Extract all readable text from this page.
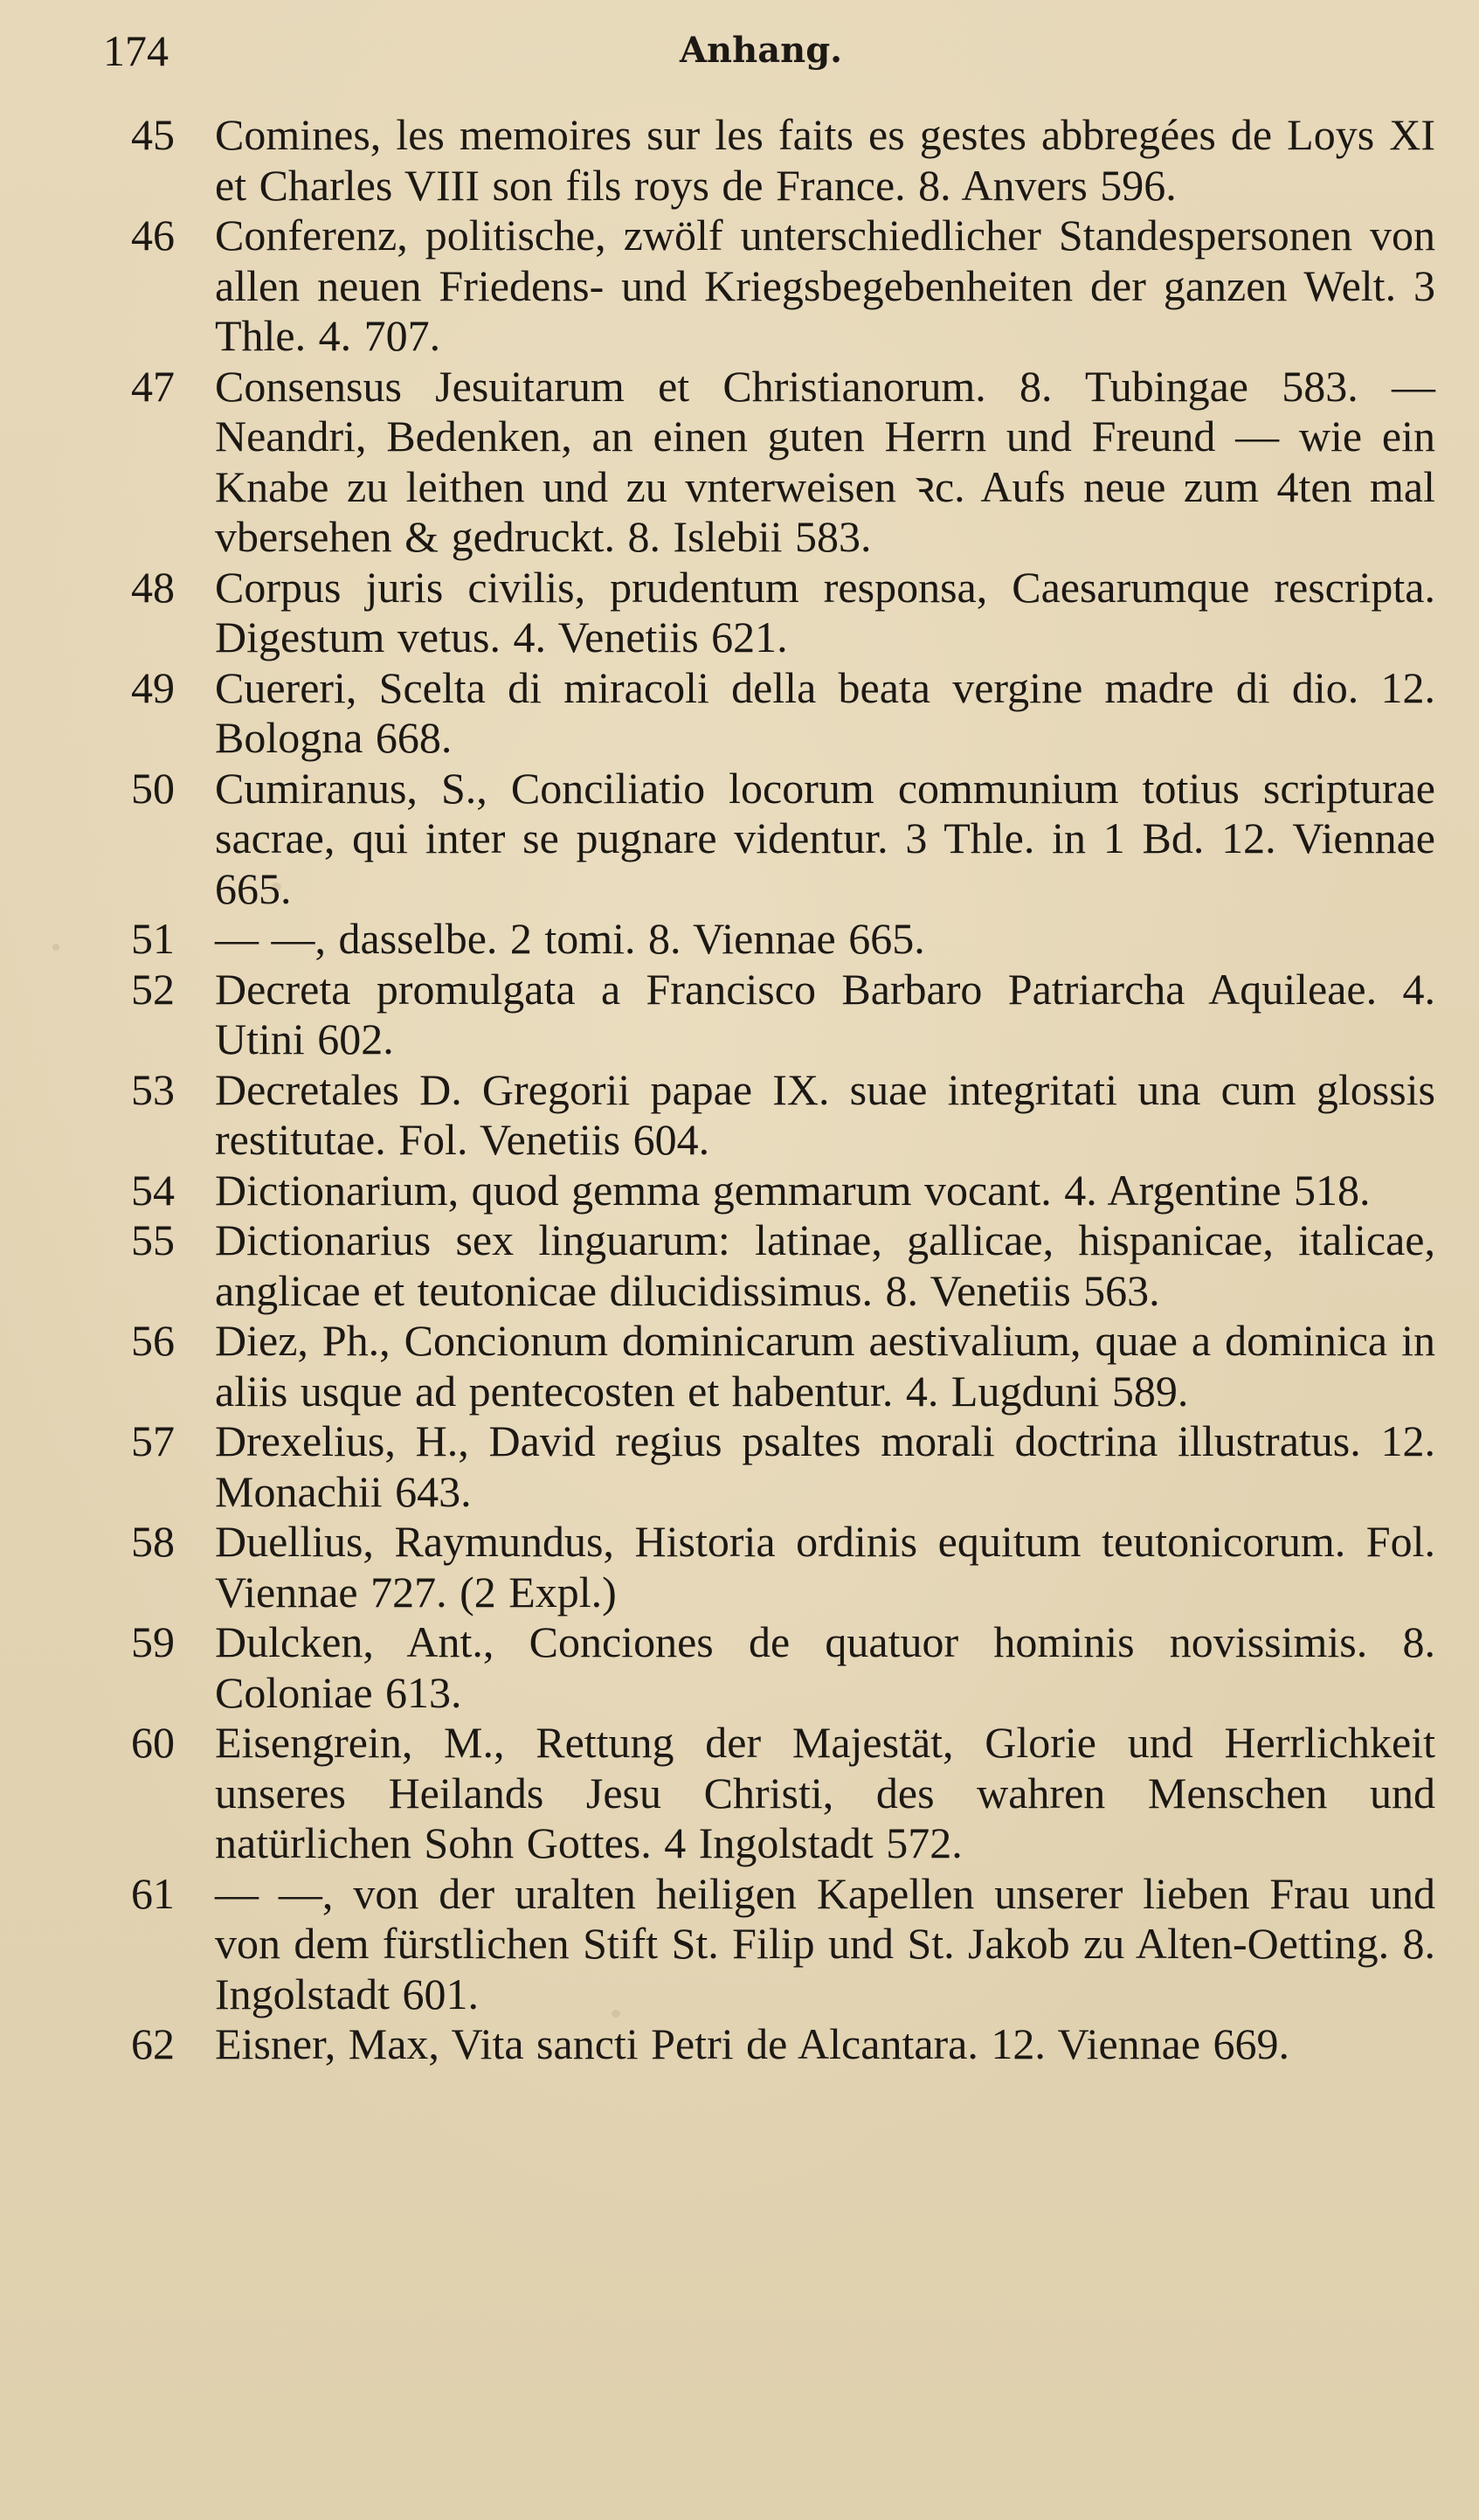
174	Anhang.

45 Comines, les memoires sur les faits es gestes abbregées de Loys XI et Charles VIII son fils roys de France. 8. Anvers 596.

46 Conferenz, politische, zwölf unterschiedlicher Standespersonen von allen neuen Friedens- und Kriegsbegebenheiten der ganzen Welt. 3 Thle. 4. 707.

47 Consensus Jesuitarum et Christianorum. 8. Tubingae 583. — Neandri, Bedenken, an einen guten Herrn und Freund — wie ein Knabe zu leithen und zu vnterweisen ꝛc. Aufs neue zum 4ten mal vbersehen & gedruckt. 8. Islebii 583.

48 Corpus juris civilis, prudentum responsa, Caesarumque rescripta. Digestum vetus. 4. Venetiis 621.

49 Cuereri, Scelta di miracoli della beata vergine madre di dio. 12. Bologna 668.

50 Cumiranus, S., Conciliatio locorum communium totius scripturae sacrae, qui inter se pugnare videntur. 3 Thle. in 1 Bd. 12. Viennae 665.

51 — —, dasselbe. 2 tomi. 8. Viennae 665.

52 Decreta promulgata a Francisco Barbaro Patriarcha Aquileae. 4. Utini 602.

53 Decretales D. Gregorii papae IX. suae integritati una cum glossis restitutae. Fol. Venetiis 604.

54 Dictionarium, quod gemma gemmarum vocant. 4. Argentine 518.

55 Dictionarius sex linguarum: latinae, gallicae, hispanicae, italicae, anglicae et teutonicae dilucidissimus. 8. Venetiis 563.

56 Diez, Ph., Concionum dominicarum aestivalium, quae a dominica in aliis usque ad pentecosten et habentur. 4. Lugduni 589.

57 Drexelius, H., David regius psaltes morali doctrina illustratus. 12. Monachii 643.

58 Duellius, Raymundus, Historia ordinis equitum teutonicorum. Fol. Viennae 727. (2 Expl.)

59 Dulcken, Ant., Conciones de quatuor hominis novissimis. 8. Coloniae 613.

60 Eisengrein, M., Rettung der Majestät, Glorie und Herrlichkeit unseres Heilands Jesu Christi, des wahren Menschen und natürlichen Sohn Gottes. 4 Ingolstadt 572.

61 — —, von der uralten heiligen Kapellen unserer lieben Frau und von dem fürstlichen Stift St. Filip und St. Jakob zu Alten-Oetting. 8. Ingolstadt 601.

62 Eisner, Max, Vita sancti Petri de Alcantara. 12. Viennae 669.
